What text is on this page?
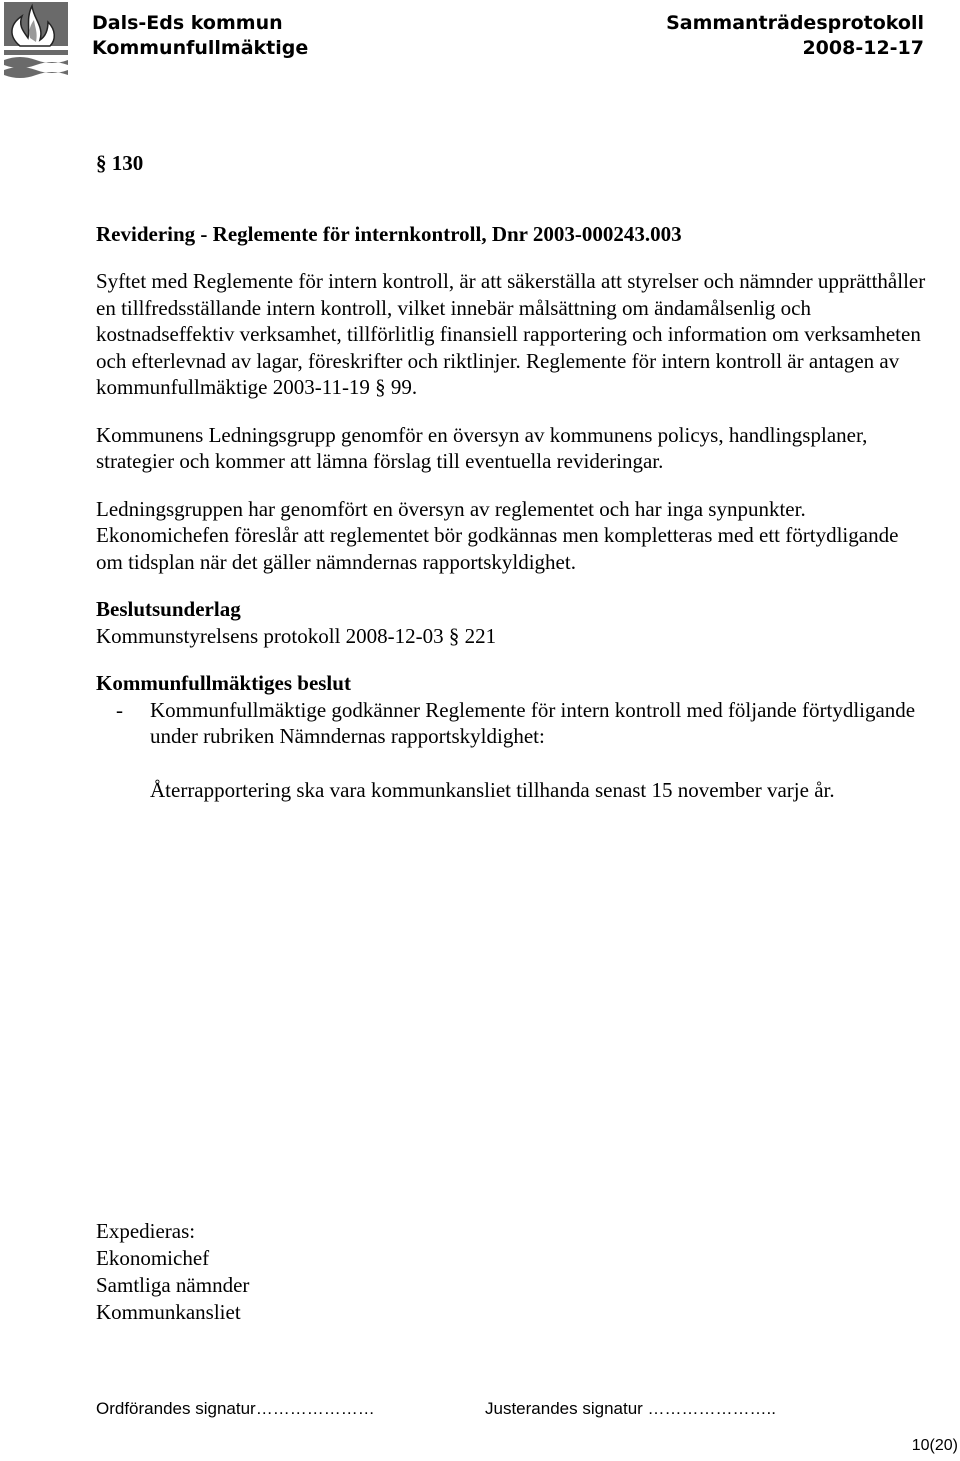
Dals-Eds kommun
Kommunfullmäktige
Sammanträdesprotokoll
2008-12-17

§ 130

Revidering - Reglemente för internkontroll, Dnr 2003-000243.003

Syftet med Reglemente för intern kontroll, är att säkerställa att styrelser och nämnder upprätthåller en tillfredsställande intern kontroll, vilket innebär målsättning om ändamålsenlig och kostnadseffektiv verksamhet, tillförlitlig finansiell rapportering och information om verksamheten och efterlevnad av lagar, föreskrifter och riktlinjer. Reglemente för intern kontroll är antagen av kommunfullmäktige 2003-11-19 § 99.

Kommunens Ledningsgrupp genomför en översyn av kommunens policys, handlingsplaner, strategier och kommer att lämna förslag till eventuella revideringar.

Ledningsgruppen har genomfört en översyn av reglementet och har inga synpunkter. Ekonomichefen föreslår att reglementet bör godkännas men kompletteras med ett förtydligande om tidsplan när det gäller nämndernas rapportskyldighet.

Beslutsunderlag

Kommunstyrelsens protokoll 2008-12-03 § 221

Kommunfullmäktiges beslut

- Kommunfullmäktige godkänner Reglemente för intern kontroll med följande förtydligande under rubriken Nämndernas rapportskyldighet:

Återrapportering ska vara kommunkansliet tillhanda senast 15 november varje år.

Expedieras:
Ekonomichef
Samtliga nämnder
Kommunkansliet
Ordförandes signatur…………………	Justerandes signatur …………………..
10(20)
